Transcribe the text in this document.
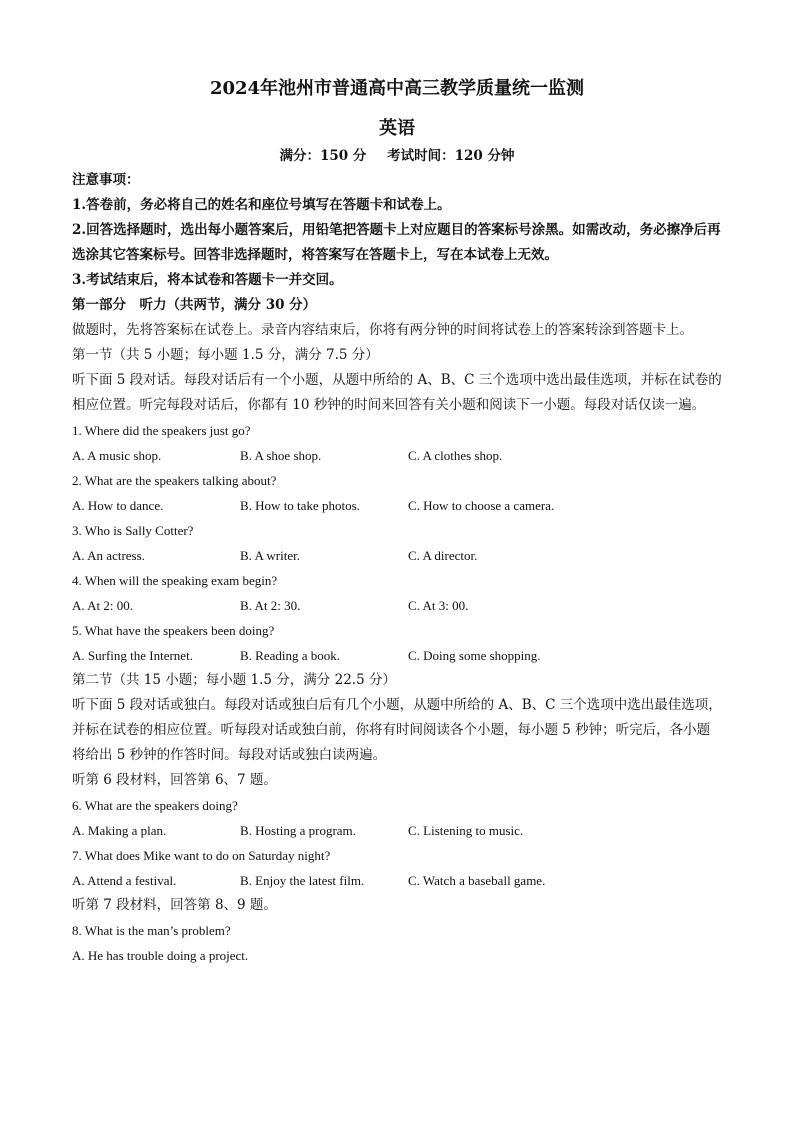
2024年池州市普通高中高三教学质量统一监测
英语
满分：150 分 考试时间：120 分钟
注意事项：
1.答卷前，务必将自己的姓名和座位号填写在答题卡和试卷上。
2.回答选择题时，选出每小题答案后，用铅笔把答题卡上对应题目的答案标号涂黑。如需改动，务必擦净后再选涂其它答案标号。回答非选择题时，将答案写在答题卡上，写在本试卷上无效。
3.考试结束后，将本试卷和答题卡一并交回。
第一部分　听力（共两节，满分 30 分）
做题时，先将答案标在试卷上。录音内容结束后，你将有两分钟的时间将试卷上的答案转涂到答题卡上。
第一节（共 5 小题；每小题 1.5 分，满分 7.5 分）
听下面 5 段对话。每段对话后有一个小题，从题中所给的 A、B、C 三个选项中选出最佳选项，并标在试卷的相应位置。听完每段对话后，你都有 10 秒钟的时间来回答有关小题和阅读下一小题。每段对话仅读一遍。
1. Where did the speakers just go?
A. A music shop.	B. A shoe shop.	C. A clothes shop.
2. What are the speakers talking about?
A. How to dance.	B. How to take photos.	C. How to choose a camera.
3. Who is Sally Cotter?
A. An actress.	B. A writer.	C. A director.
4. When will the speaking exam begin?
A. At 2: 00.	B. At 2: 30.	C. At 3: 00.
5. What have the speakers been doing?
A. Surfing the Internet.	B. Reading a book.	C. Doing some shopping.
第二节（共 15 小题；每小题 1.5 分，满分 22.5 分）
听下面 5 段对话或独白。每段对话或独白后有几个小题，从题中所给的 A、B、C 三个选项中选出最佳选项，并标在试卷的相应位置。听每段对话或独白前，你将有时间阅读各个小题，每小题 5 秒钟；听完后，各小题将给出 5 秒钟的作答时间。每段对话或独白读两遍。
听第 6 段材料，回答第 6、7 题。
6. What are the speakers doing?
A. Making a plan.	B. Hosting a program.	C. Listening to music.
7. What does Mike want to do on Saturday night?
A. Attend a festival.	B. Enjoy the latest film.	C. Watch a baseball game.
听第 7 段材料，回答第 8、9 题。
8. What is the man’s problem?
A. He has trouble doing a project.
